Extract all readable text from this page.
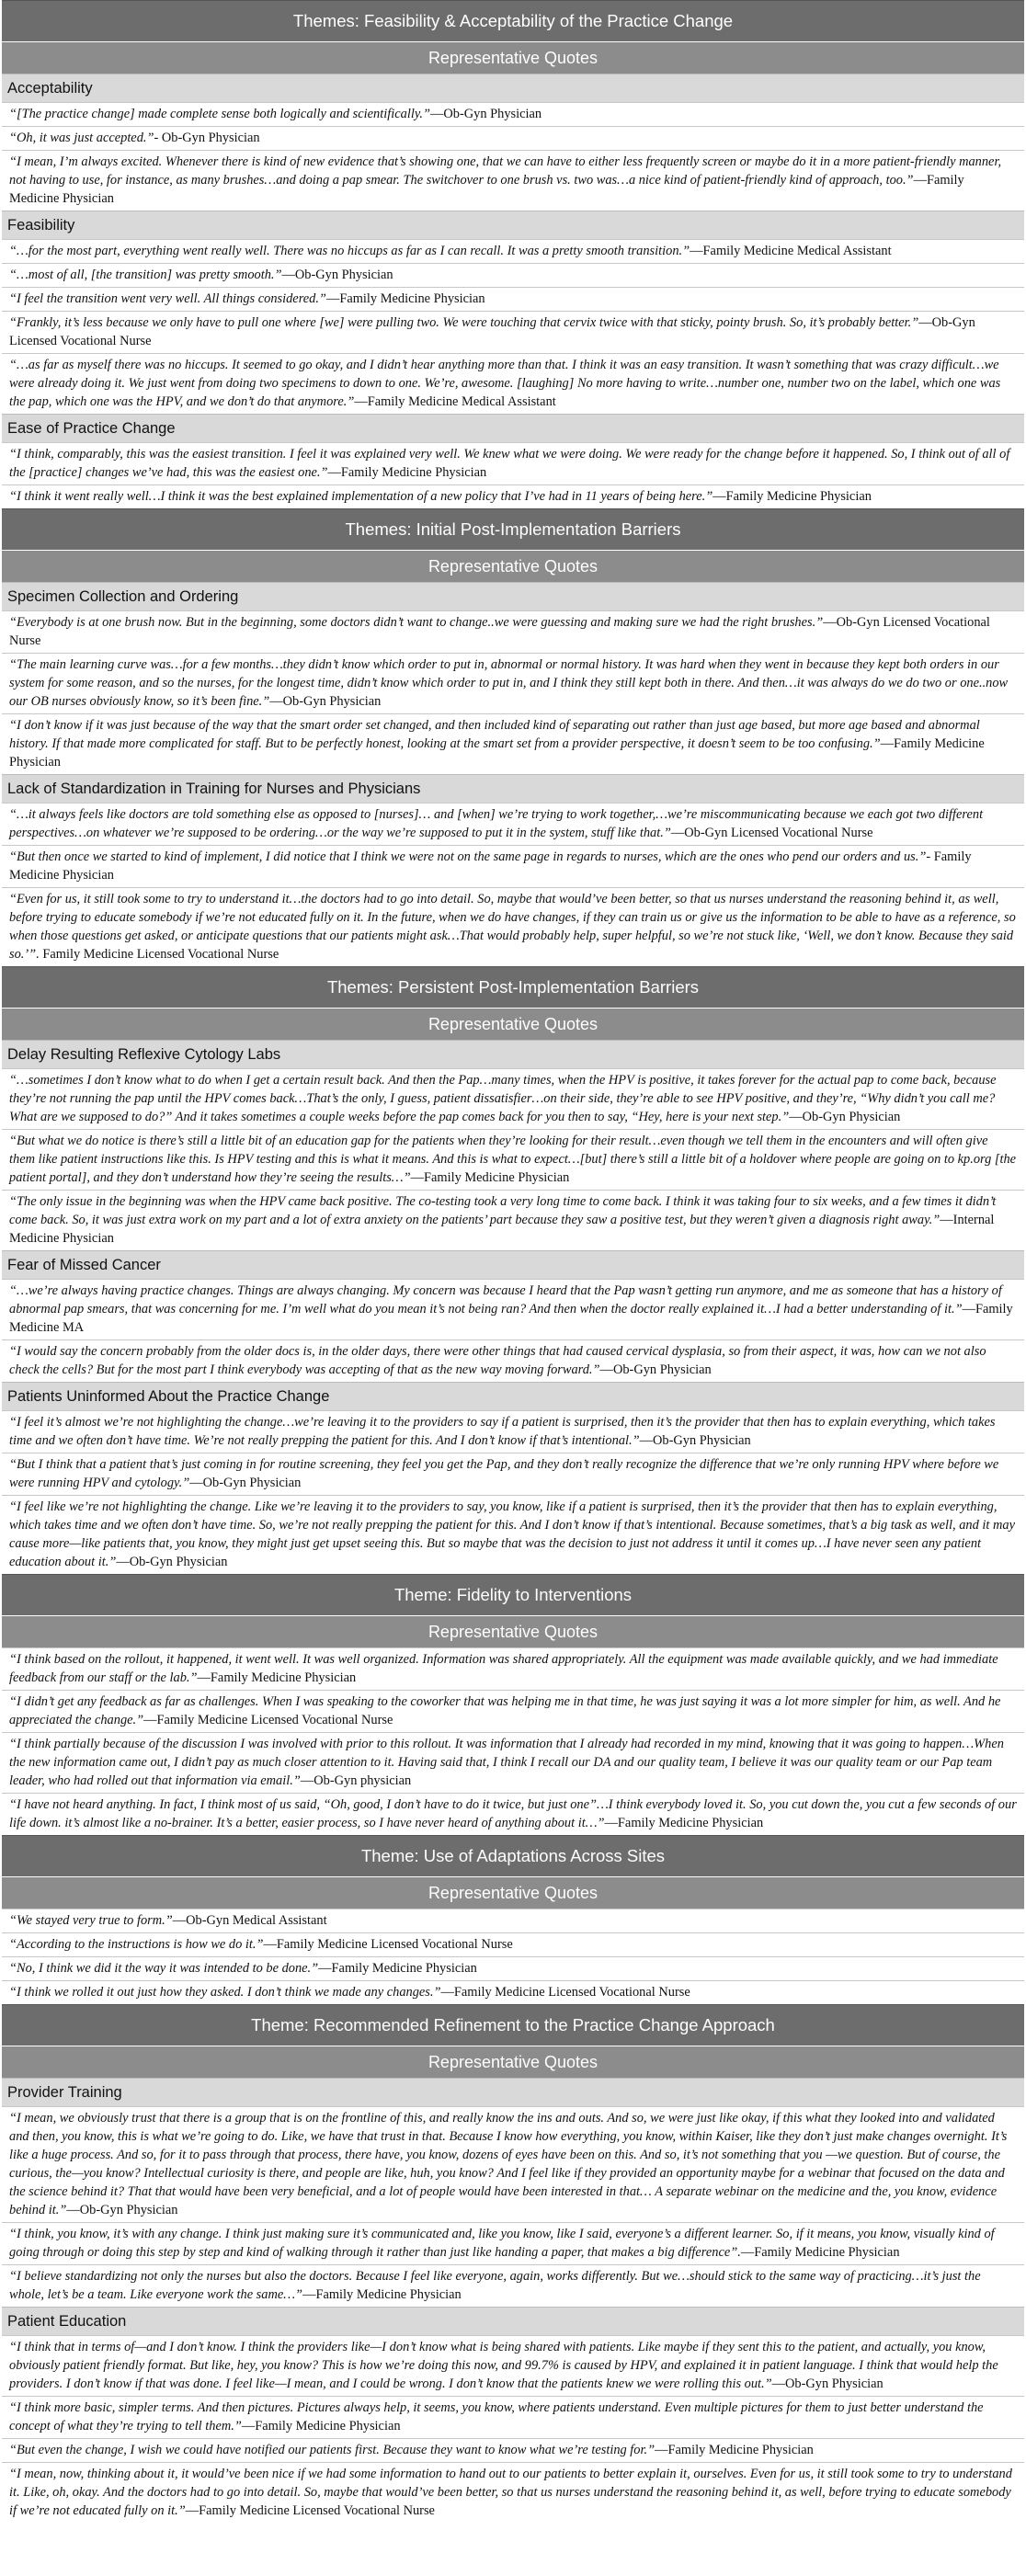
Themes: Feasibility & Acceptability of the Practice Change
Representative Quotes
Acceptability
“[The practice change] made complete sense both logically and scientifically.”—Ob-Gyn Physician
“Oh, it was just accepted.”- Ob-Gyn Physician
“I mean, I’m always excited. Whenever there is kind of new evidence that’s showing one, that we can have to either less frequently screen or maybe do it in a more patient-friendly manner, not having to use, for instance, as many brushes…and doing a pap smear. The switchover to one brush vs. two was…a nice kind of patient-friendly kind of approach, too.”—Family Medicine Physician
Feasibility
“…for the most part, everything went really well. There was no hiccups as far as I can recall. It was a pretty smooth transition.”—Family Medicine Medical Assistant
“…most of all, [the transition] was pretty smooth.”—Ob-Gyn Physician
“I feel the transition went very well. All things considered.”—Family Medicine Physician
“Frankly, it’s less because we only have to pull one where [we] were pulling two. We were touching that cervix twice with that sticky, pointy brush. So, it’s probably better.”—Ob-Gyn Licensed Vocational Nurse
“…as far as myself there was no hiccups. It seemed to go okay, and I didn’t hear anything more than that. I think it was an easy transition. It wasn’t something that was crazy difficult…we were already doing it. We just went from doing two specimens to down to one. We’re, awesome. [laughing] No more having to write…number one, number two on the label, which one was the pap, which one was the HPV, and we don’t do that anymore.”—Family Medicine Medical Assistant
Ease of Practice Change
“I think, comparably, this was the easiest transition. I feel it was explained very well. We knew what we were doing. We were ready for the change before it happened. So, I think out of all of the [practice] changes we’ve had, this was the easiest one.”—Family Medicine Physician
“I think it went really well…I think it was the best explained implementation of a new policy that I’ve had in 11 years of being here.”—Family Medicine Physician
Themes: Initial Post-Implementation Barriers
Representative Quotes
Specimen Collection and Ordering
“Everybody is at one brush now. But in the beginning, some doctors didn’t want to change..we were guessing and making sure we had the right brushes.”—Ob-Gyn Licensed Vocational Nurse
“The main learning curve was…for a few months…they didn’t know which order to put in, abnormal or normal history. It was hard when they went in because they kept both orders in our system for some reason, and so the nurses, for the longest time, didn’t know which order to put in, and I think they still kept both in there. And then…it was always do we do two or one..now our OB nurses obviously know, so it’s been fine.”—Ob-Gyn Physician
“I don’t know if it was just because of the way that the smart order set changed, and then included kind of separating out rather than just age based, but more age based and abnormal history. If that made more complicated for staff. But to be perfectly honest, looking at the smart set from a provider perspective, it doesn’t seem to be too confusing.”—Family Medicine Physician
Lack of Standardization in Training for Nurses and Physicians
“…it always feels like doctors are told something else as opposed to [nurses]… and [when] we’re trying to work together,…we’re miscommunicating because we each got two different perspectives…on whatever we’re supposed to be ordering…or the way we’re supposed to put it in the system, stuff like that.”—Ob-Gyn Licensed Vocational Nurse
“But then once we started to kind of implement, I did notice that I think we were not on the same page in regards to nurses, which are the ones who pend our orders and us.”- Family Medicine Physician
“Even for us, it still took some to try to understand it…the doctors had to go into detail. So, maybe that would’ve been better, so that us nurses understand the reasoning behind it, as well, before trying to educate somebody if we’re not educated fully on it. In the future, when we do have changes, if they can train us or give us the information to be able to have as a reference, so when those questions get asked, or anticipate questions that our patients might ask…That would probably help, super helpful, so we’re not stuck like, ‘Well, we don’t know. Because they said so.’”. Family Medicine Licensed Vocational Nurse
Themes: Persistent Post-Implementation Barriers
Representative Quotes
Delay Resulting Reflexive Cytology Labs
“…sometimes I don’t know what to do when I get a certain result back. And then the Pap…many times, when the HPV is positive, it takes forever for the actual pap to come back, because they’re not running the pap until the HPV comes back…That’s the only, I guess, patient dissatisfier…on their side, they’re able to see HPV positive, and they’re, “Why didn’t you call me? What are we supposed to do?” And it takes sometimes a couple weeks before the pap comes back for you then to say, “Hey, here is your next step.”—Ob-Gyn Physician
“But what we do notice is there’s still a little bit of an education gap for the patients when they’re looking for their result…even though we tell them in the encounters and will often give them like patient instructions like this. Is HPV testing and this is what it means. And this is what to expect…[but] there’s still a little bit of a holdover where people are going on to kp.org [the patient portal], and they don’t understand how they’re seeing the results…”—Family Medicine Physician
“The only issue in the beginning was when the HPV came back positive. The co-testing took a very long time to come back. I think it was taking four to six weeks, and a few times it didn’t come back. So, it was just extra work on my part and a lot of extra anxiety on the patients’ part because they saw a positive test, but they weren’t given a diagnosis right away.”—Internal Medicine Physician
Fear of Missed Cancer
“…we’re always having practice changes. Things are always changing. My concern was because I heard that the Pap wasn’t getting run anymore, and me as someone that has a history of abnormal pap smears, that was concerning for me. I’m well what do you mean it’s not being ran? And then when the doctor really explained it…I had a better understanding of it.”—Family Medicine MA
“I would say the concern probably from the older docs is, in the older days, there were other things that had caused cervical dysplasia, so from their aspect, it was, how can we not also check the cells? But for the most part I think everybody was accepting of that as the new way moving forward.”—Ob-Gyn Physician
Patients Uninformed About the Practice Change
“I feel it’s almost we’re not highlighting the change…we’re leaving it to the providers to say if a patient is surprised, then it’s the provider that then has to explain everything, which takes time and we often don’t have time. We’re not really prepping the patient for this. And I don’t know if that’s intentional.”—Ob-Gyn Physician
“But I think that a patient that’s just coming in for routine screening, they feel you get the Pap, and they don’t really recognize the difference that we’re only running HPV where before we were running HPV and cytology.”—Ob-Gyn Physician
“I feel like we’re not highlighting the change. Like we’re leaving it to the providers to say, you know, like if a patient is surprised, then it’s the provider that then has to explain everything, which takes time and we often don’t have time. So, we’re not really prepping the patient for this. And I don’t know if that’s intentional. Because sometimes, that’s a big task as well, and it may cause more—like patients that, you know, they might just get upset seeing this. But so maybe that was the decision to just not address it until it comes up…I have never seen any patient education about it.”—Ob-Gyn Physician
Theme: Fidelity to Interventions
Representative Quotes
“I think based on the rollout, it happened, it went well. It was well organized. Information was shared appropriately. All the equipment was made available quickly, and we had immediate feedback from our staff or the lab.”—Family Medicine Physician
“I didn’t get any feedback as far as challenges. When I was speaking to the coworker that was helping me in that time, he was just saying it was a lot more simpler for him, as well. And he appreciated the change.”—Family Medicine Licensed Vocational Nurse
“I think partially because of the discussion I was involved with prior to this rollout. It was information that I already had recorded in my mind, knowing that it was going to happen…When the new information came out, I didn’t pay as much closer attention to it. Having said that, I think I recall our DA and our quality team, I believe it was our quality team or our Pap team leader, who had rolled out that information via email.”—Ob-Gyn physician
“I have not heard anything. In fact, I think most of us said, “Oh, good, I don’t have to do it twice, but just one”…I think everybody loved it. So, you cut down the, you cut a few seconds of our life down. it’s almost like a no-brainer. It’s a better, easier process, so I have never heard of anything about it…”—Family Medicine Physician
Theme: Use of Adaptations Across Sites
Representative Quotes
“We stayed very true to form.”—Ob-Gyn Medical Assistant
“According to the instructions is how we do it.”—Family Medicine Licensed Vocational Nurse
“No, I think we did it the way it was intended to be done.”—Family Medicine Physician
“I think we rolled it out just how they asked. I don’t think we made any changes.”—Family Medicine Licensed Vocational Nurse
Theme: Recommended Refinement to the Practice Change Approach
Representative Quotes
Provider Training
“I mean, we obviously trust that there is a group that is on the frontline of this, and really know the ins and outs. And so, we were just like okay, if this what they looked into and validated and then, you know, this is what we’re going to do. Like, we have that trust in that. Because I know how everything, you know, within Kaiser, like they don’t just make changes overnight. It’s like a huge process. And so, for it to pass through that process, there have, you know, dozens of eyes have been on this. And so, it’s not something that you —we question. But of course, the curious, the—you know? Intellectual curiosity is there, and people are like, huh, you know? And I feel like if they provided an opportunity maybe for a webinar that focused on the data and the science behind it? That that would have been very beneficial, and a lot of people would have been interested in that… A separate webinar on the medicine and the, you know, evidence behind it.”—Ob-Gyn Physician
“I think, you know, it’s with any change. I think just making sure it’s communicated and, like you know, like I said, everyone’s a different learner. So, if it means, you know, visually kind of going through or doing this step by step and kind of walking through it rather than just like handing a paper, that makes a big difference”.—Family Medicine Physician
“I believe standardizing not only the nurses but also the doctors. Because I feel like everyone, again, works differently. But we…should stick to the same way of practicing…it’s just the whole, let’s be a team. Like everyone work the same…”—Family Medicine Physician
Patient Education
“I think that in terms of—and I don’t know. I think the providers like—I don’t know what is being shared with patients. Like maybe if they sent this to the patient, and actually, you know, obviously patient friendly format. But like, hey, you know? This is how we’re doing this now, and 99.7% is caused by HPV, and explained it in patient language. I think that would help the providers. I don’t know if that was done. I feel like—I mean, and I could be wrong. I don’t know that the patients knew we were rolling this out.”—Ob-Gyn Physician
“I think more basic, simpler terms. And then pictures. Pictures always help, it seems, you know, where patients understand. Even multiple pictures for them to just better understand the concept of what they’re trying to tell them.”—Family Medicine Physician
“But even the change, I wish we could have notified our patients first. Because they want to know what we’re testing for.”—Family Medicine Physician
“I mean, now, thinking about it, it would’ve been nice if we had some information to hand out to our patients to better explain it, ourselves. Even for us, it still took some to try to understand it. Like, oh, okay. And the doctors had to go into detail. So, maybe that would’ve been better, so that us nurses understand the reasoning behind it, as well, before trying to educate somebody if we’re not educated fully on it.”—Family Medicine Licensed Vocational Nurse
